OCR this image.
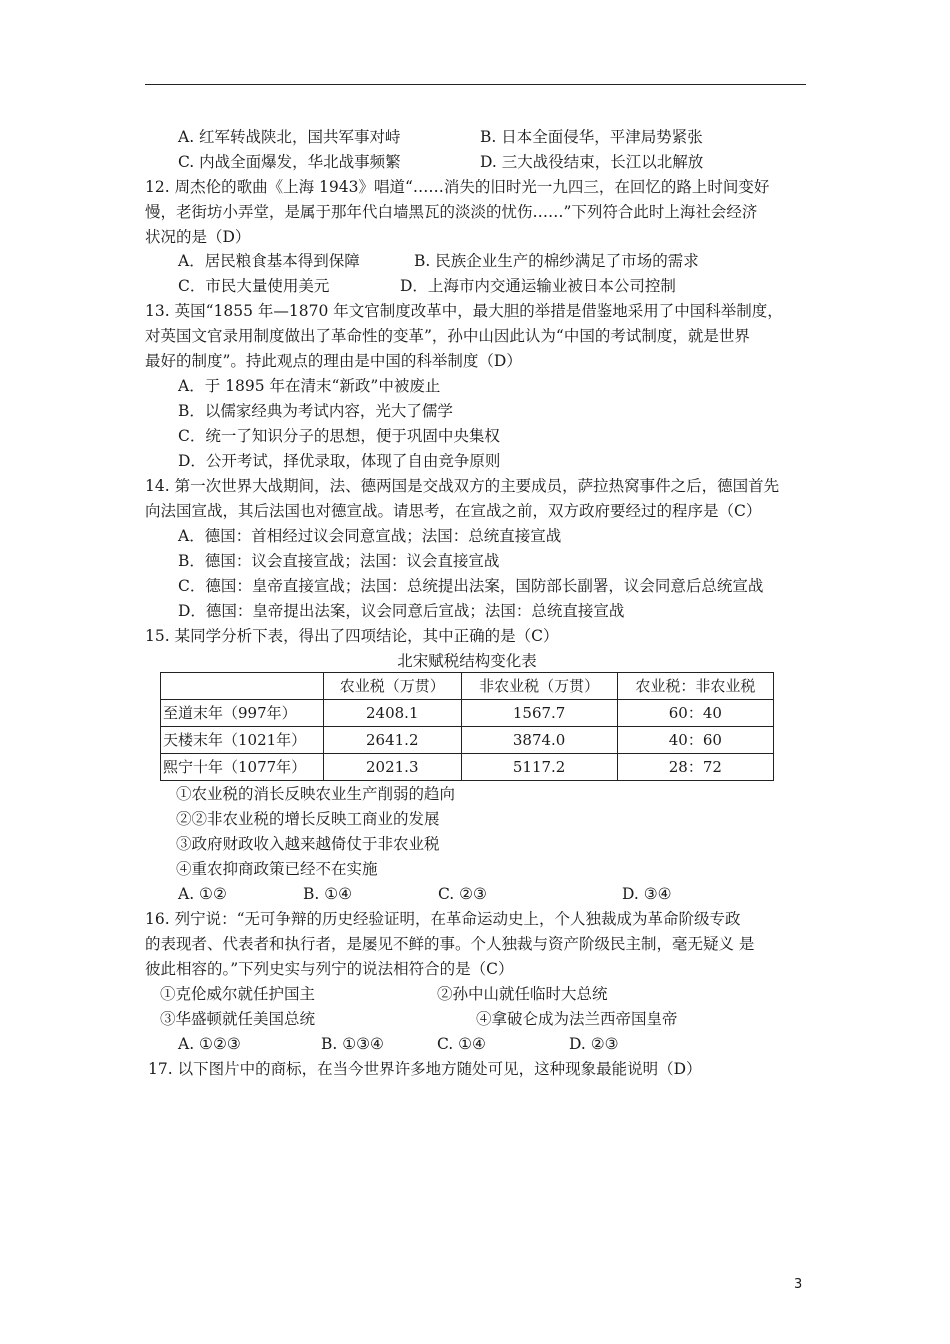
A. 红军转战陕北，国共军事对峙	B. 日本全面侵华，平津局势紧张
C. 内战全面爆发，华北战事频繁	D. 三大战役结束，长江以北解放
12. 周杰伦的歌曲《上海 1943》唱道“……消失的旧时光一九四三，在回忆的路上时间变好
慢，老街坊小弄堂，是属于那年代白墙黑瓦的淡淡的忧伤……”下列符合此时上海社会经济
状况的是（D）
A．居民粮食基本得到保障	B. 民族企业生产的棉纱满足了市场的需求
C．市民大量使用美元	D．上海市内交通运输业被日本公司控制
13. 英国“1855 年—1870 年文官制度改革中，最大胆的举措是借鉴地采用了中国科举制度，
对英国文官录用制度做出了革命性的变革”，孙中山因此认为“中国的考试制度，就是世界
最好的制度”。持此观点的理由是中国的科举制度（D）
A．于 1895 年在清末“新政”中被废止
B．以儒家经典为考试内容，光大了儒学
C．统一了知识分子的思想，便于巩固中央集权
D．公开考试，择优录取，体现了自由竞争原则
14. 第一次世界大战期间，法、德两国是交战双方的主要成员，萨拉热窝事件之后，德国首先
向法国宣战，其后法国也对德宣战。请思考，在宣战之前，双方政府要经过的程序是（C）
A．德国：首相经过议会同意宣战；法国：总统直接宣战
B．德国：议会直接宣战；法国：议会直接宣战
C．德国：皇帝直接宣战；法国：总统提出法案，国防部长副署，议会同意后总统宣战
D．德国：皇帝提出法案，议会同意后宣战；法国：总统直接宣战
15. 某同学分析下表，得出了四项结论，其中正确的是（C）
北宋赋税结构变化表
	农业税（万贯）	非农业税（万贯）	农业税：非农业税
至道末年（997年）	2408.1	1567.7	60：40
天楼末年（1021年）	2641.2	3874.0	40：60
熙宁十年（1077年）	2021.3	5117.2	28：72
①农业税的消长反映农业生产削弱的趋向
②②非农业税的增长反映工商业的发展
③政府财政收入越来越倚仗于非农业税
④重农抑商政策已经不在实施
A. ①②	B. ①④	C. ②③	D. ③④
16. 列宁说：“无可争辩的历史经验证明，在革命运动史上，个人独裁成为革命阶级专政
的表现者、代表者和执行者，是屡见不鲜的事。个人独裁与资产阶级民主制，毫无疑义 是
彼此相容的。”下列史实与列宁的说法相符合的是（C）
①克伦威尔就任护国主	②孙中山就任临时大总统
③华盛顿就任美国总统	④拿破仑成为法兰西帝国皇帝
A. ①②③	B. ①③④	C. ①④	D. ②③
17. 以下图片中的商标，在当今世界许多地方随处可见，这种现象最能说明（D）
3
